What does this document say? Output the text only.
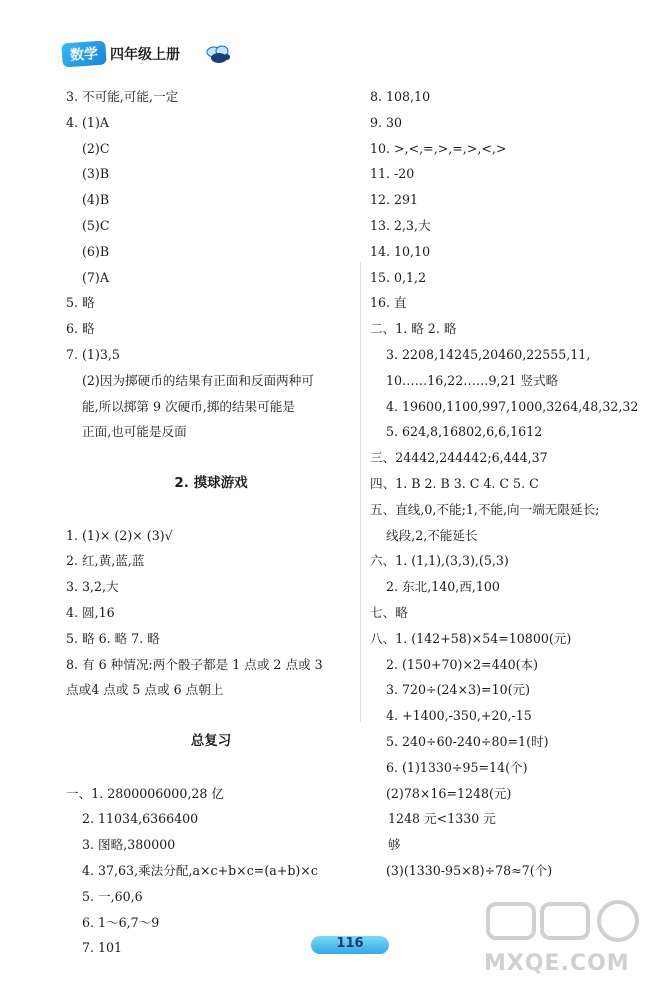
数学 四年级上册
3. 不可能,可能,一定
4. (1)A
(2)C
(3)B
(4)B
(5)C
(6)B
(7)A
5. 略
6. 略
7. (1)3,5
(2)因为掷硬币的结果有正面和反面两种可
能,所以掷第 9 次硬币,掷的结果可能是
正面,也可能是反面
2. 摸球游戏
1. (1)× (2)× (3)√
2. 红,黄,蓝,蓝
3. 3,2,大
4. 圆,16
5. 略 6. 略 7. 略
8. 有 6 种情况:两个骰子都是 1 点或 2 点或 3
点或4 点或 5 点或 6 点朝上
总复习
一、1. 2800006000,28 亿
2. 11034,6366400
3. 图略,380000
4. 37,63,乘法分配,a×c+b×c=(a+b)×c
5. 一,60,6
6. 1～6,7～9
7. 101
8. 108,10
9. 30
10. >,<,=,>,=,>,<,>
11. -20
12. 291
13. 2,3,大
14. 10,10
15. 0,1,2
16. 直
二、1. 略 2. 略
3. 2208,14245,20460,22555,11,
10……16,22……9,21 竖式略
4. 19600,1100,997,1000,3264,48,32,32
5. 624,8,16802,6,6,1612
三、24442,244442;6,444,37
四、1. B 2. B 3. C 4. C 5. C
五、直线,0,不能;1,不能,向一端无限延长;
线段,2,不能延长
六、1. (1,1),(3,3),(5,3)
2. 东北,140,西,100
七、略
八、1. (142+58)×54=10800(元)
2. (150+70)×2=440(本)
3. 720÷(24×3)=10(元)
4. +1400,-350,+20,-15
5. 240÷60-240÷80=1(时)
6. (1)1330÷95=14(个)
(2)78×16=1248(元)
1248 元<1330 元
够
(3)(1330-95×8)÷78≈7(个)
116
MXQE.COM
